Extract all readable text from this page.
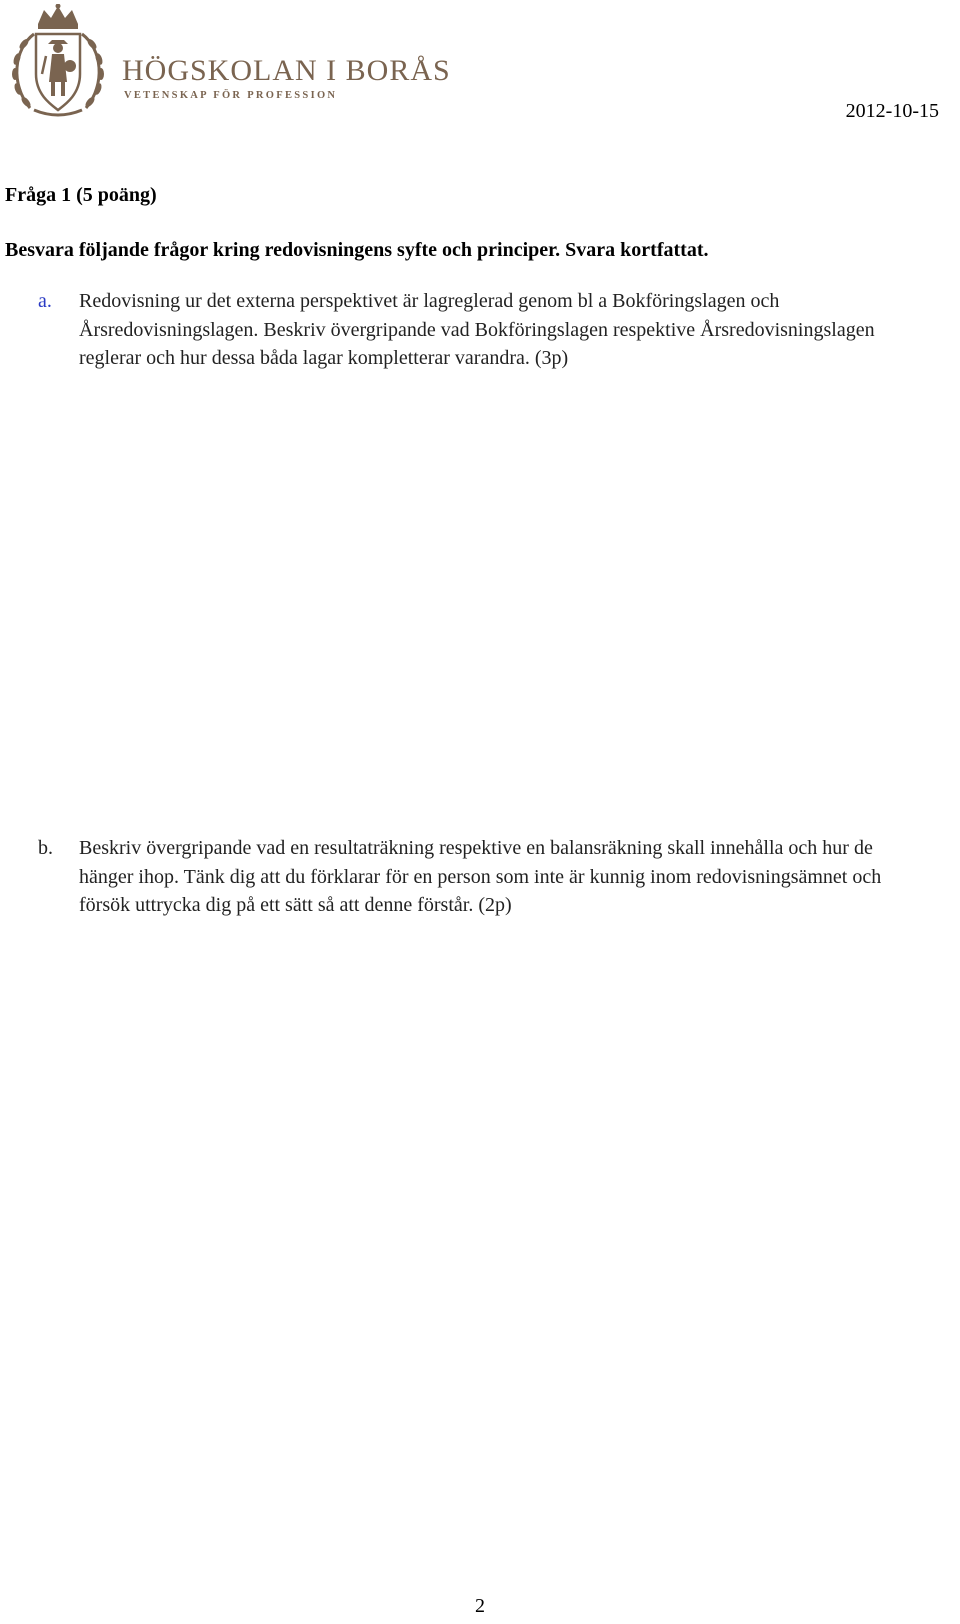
HÖGSKOLAN I BORÅS
VETENSKAP FÖR PROFESSION
2012-10-15
Fråga 1 (5 poäng)
Besvara följande frågor kring redovisningens syfte och principer. Svara kortfattat.
a. Redovisning ur det externa perspektivet är lagreglerad genom bl a Bokföringslagen och Årsredovisningslagen. Beskriv övergripande vad Bokföringslagen respektive Årsredovisningslagen reglerar och hur dessa båda lagar kompletterar varandra. (3p)
b. Beskriv övergripande vad en resultaträkning respektive en balansräkning skall innehålla och hur de hänger ihop. Tänk dig att du förklarar för en person som inte är kunnig inom redovisningsämnet och försök uttrycka dig på ett sätt så att denne förstår. (2p)
2
